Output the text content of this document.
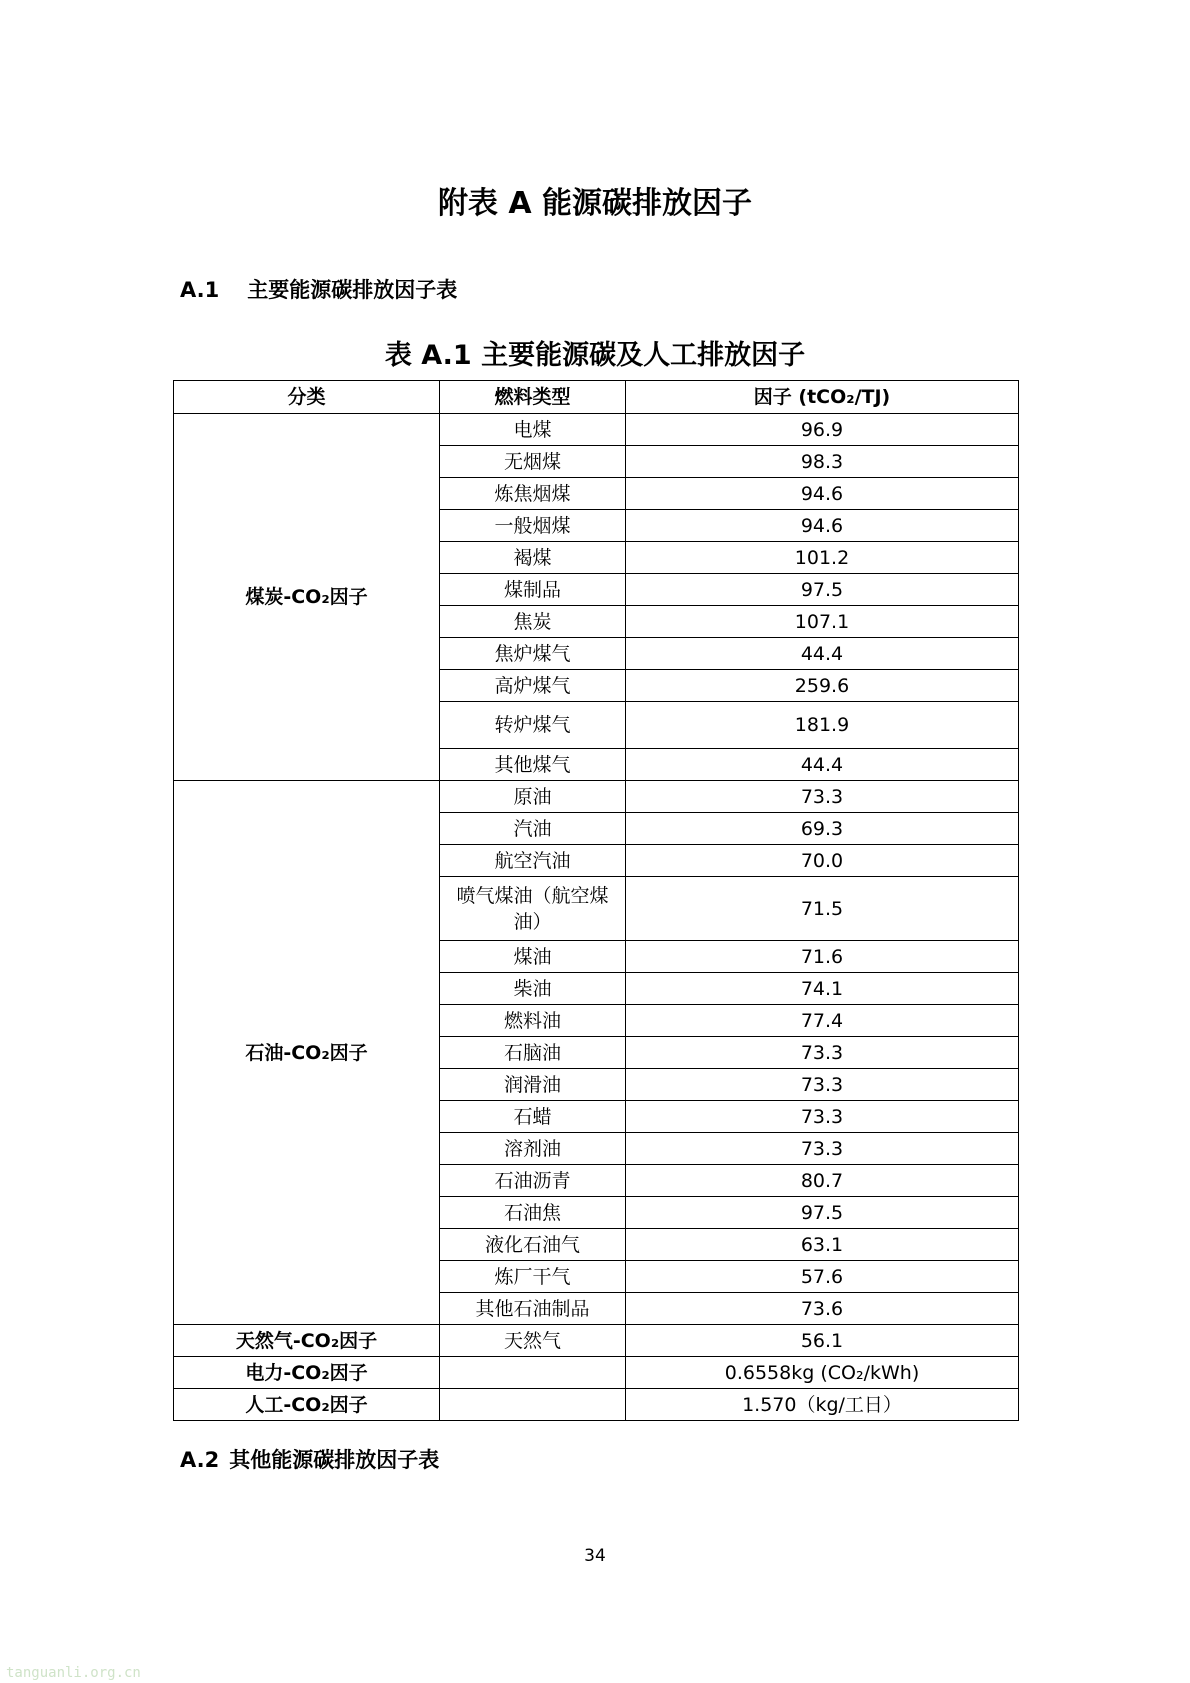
附表 A 能源碳排放因子
A.1 主要能源碳排放因子表
表 A.1 主要能源碳及人工排放因子
分类	燃料类型	因子 (tCO₂/TJ)
煤炭-CO₂因子	电煤	96.9
	无烟煤	98.3
	炼焦烟煤	94.6
	一般烟煤	94.6
	褐煤	101.2
	煤制品	97.5
	焦炭	107.1
	焦炉煤气	44.4
	高炉煤气	259.6
	转炉煤气	181.9
	其他煤气	44.4
石油-CO₂因子	原油	73.3
	汽油	69.3
	航空汽油	70.0
	喷气煤油（航空煤油）	71.5
	煤油	71.6
	柴油	74.1
	燃料油	77.4
	石脑油	73.3
	润滑油	73.3
	石蜡	73.3
	溶剂油	73.3
	石油沥青	80.7
	石油焦	97.5
	液化石油气	63.1
	炼厂干气	57.6
	其他石油制品	73.6
天然气-CO₂因子	天然气	56.1
电力-CO₂因子		0.6558kg (CO₂/kWh)
人工-CO₂因子		1.570（kg/工日）
A.2 其他能源碳排放因子表
34
tanguanli.org.cn
